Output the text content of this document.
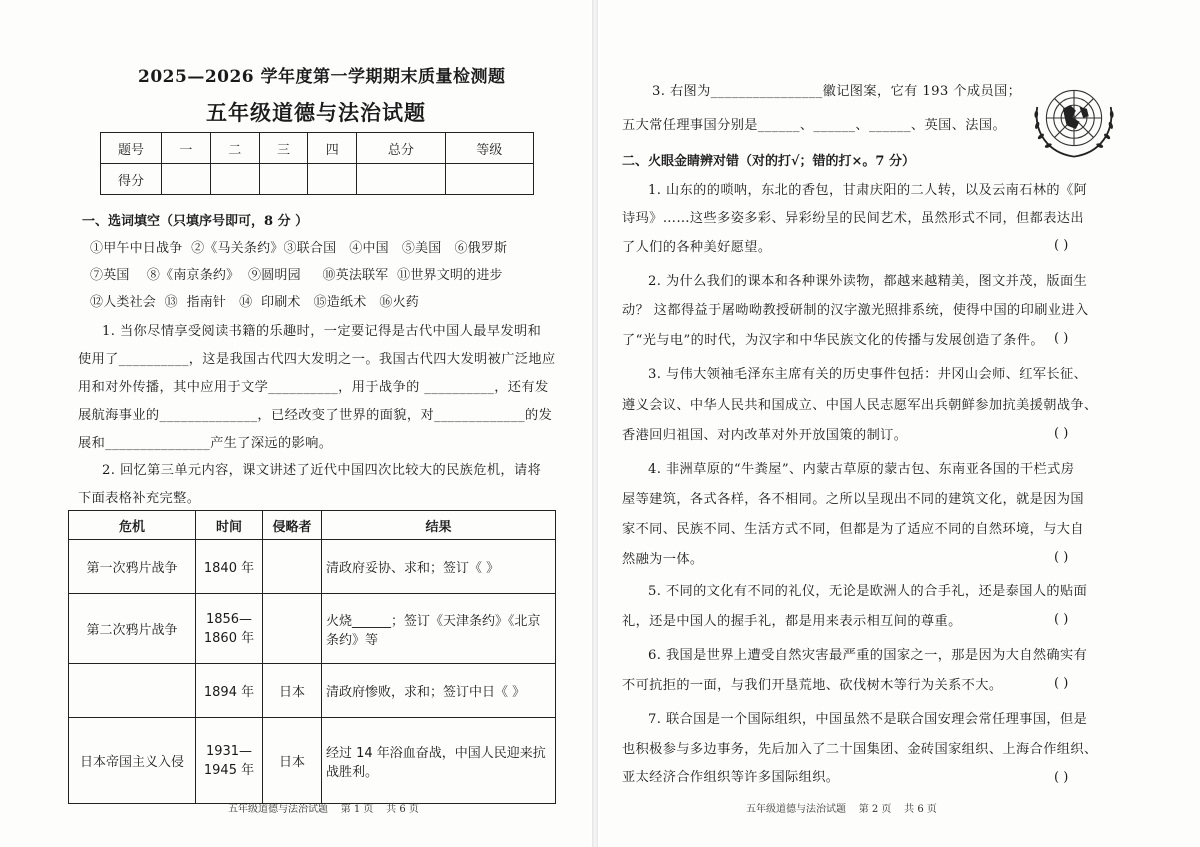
2025—2026 学年度第一学期期末质量检测题
五年级道德与法治试题
题号	一	二	三	四	总分	等级
得分						
一、选词填空（只填序号即可，8 分 ）
①甲午中日战争  ②《马关条约》③联合国   ④中国   ⑤美国   ⑥俄罗斯
⑦英国    ⑧《南京条约》  ⑨圆明园     ⑩英法联军  ⑪世界文明的进步
⑫人类社会  ⑬  指南针   ⑭  印刷术   ⑮造纸术   ⑯火药
1. 当你尽情享受阅读书籍的乐趣时，一定要记得是古代中国人最早发明和
使用了__________，这是我国古代四大发明之一。我国古代四大发明被广泛地应
用和对外传播，其中应用于文学__________，用于战争的 __________，还有发
展航海事业的______________，已经改变了世界的面貌，对_____________的发
展和_______________产生了深远的影响。
2. 回忆第三单元内容，课文讲述了近代中国四次比较大的民族危机，请将
下面表格补充完整。
危机	时间	侵略者	结果
第一次鸦片战争	1840 年		清政府妥协、求和；签订《 》
第二次鸦片战争	1856—
1860 年		火烧______；签订《天津条约》《北京条约》等
	1894 年	日本	清政府惨败，求和；签订中日《 》
日本帝国主义入侵	1931—
1945 年	日本	经过 14 年浴血奋战，中国人民迎来抗战胜利。
五年级道德与法治试题    第 1 页    共 6 页
3. 右图为________________徽记图案，它有 193 个成员国；
五大常任理事国分别是______、______、______、英国、法国。
二、火眼金睛辨对错（对的打√；错的打×。7 分）
1. 山东的的唢呐，东北的香包，甘肃庆阳的二人转，以及云南石林的《阿
诗玛》……这些多姿多彩、异彩纷呈的民间艺术，虽然形式不同，但都表达出
了人们的各种美好愿望。	( )
2. 为什么我们的课本和各种课外读物，都越来越精美，图文并茂，版面生
动？ 这都得益于屠呦呦教授研制的汉字激光照排系统，使得中国的印刷业进入
了“光与电”的时代，为汉字和中华民族文化的传播与发展创造了条件。 ( )
3. 与伟大领袖毛泽东主席有关的历史事件包括：井冈山会师、红军长征、
遵义会议、中华人民共和国成立、中国人民志愿军出兵朝鲜参加抗美援朝战争、
香港回归祖国、对内改革对外开放国策的制订。	( )
4. 非洲草原的“牛粪屋”、内蒙古草原的蒙古包、东南亚各国的干栏式房
屋等建筑，各式各样，各不相同。之所以呈现出不同的建筑文化，就是因为国
家不同、民族不同、生活方式不同，但都是为了适应不同的自然环境，与大自
然融为一体。	( )
5. 不同的文化有不同的礼仪，无论是欧洲人的合手礼，还是泰国人的贴面
礼，还是中国人的握手礼，都是用来表示相互间的尊重。	( )
6. 我国是世界上遭受自然灾害最严重的国家之一，那是因为大自然确实有
不可抗拒的一面，与我们开垦荒地、砍伐树木等行为关系不大。	( )
7. 联合国是一个国际组织，中国虽然不是联合国安理会常任理事国，但是
也积极参与多边事务，先后加入了二十国集团、金砖国家组织、上海合作组织、
亚太经济合作组织等许多国际组织。	( )
五年级道德与法治试题    第 2 页    共 6 页
